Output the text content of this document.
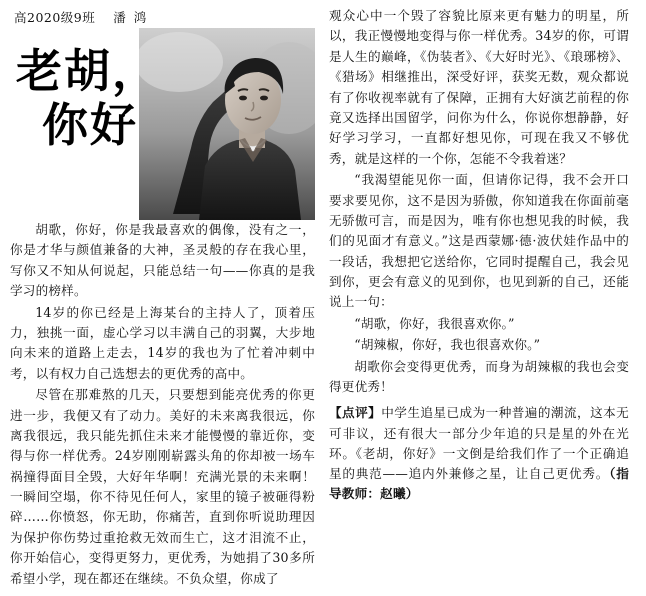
高2020级9班 潘 鸿
老胡，
你好

胡歌，你好，你是我最喜欢的偶像，没有之一，你是才华与颜值兼备的大神，圣灵般的存在我心里，写你又不知从何说起，只能总结一句——你真的是我学习的榜样。

14岁的你已经是上海某台的主持人了，顶着压力，独挑一面，虚心学习以丰满自己的羽翼，大步地向未来的道路上走去，14岁的我也为了忙着冲刺中考，以有权力自己选想去的更优秀的高中。

尽管在那难熬的几天，只要想到能亮优秀的你更进一步，我便又有了动力。美好的未来离我很远，你离我很远，我只能先抓住未来才能慢慢的靠近你，变得与你一样优秀。24岁刚刚崭露头角的你却被一场车祸撞得面目全毁，大好年华啊！充满光景的未来啊！一瞬间空塌，你不待见任何人，家里的镜子被砸得粉碎……你愤怒，你无助，你痛苦，直到你听说助理因为保护你伤势过重抢救无效而生亡，这才泪流不止，你开始信心，变得更努力，更优秀，为她捐了30多所希望小学，现在都还在继续。不负众望，你成了

观众心中一个毁了容貌比原来更有魅力的明星，所以，我正慢慢地变得与你一样优秀。34岁的你，可谓是人生的巅峰，《伪装者》、《大好时光》、《琅琊榜》、《猎场》相继推出，深受好评，获奖无数，观众都说有了你收视率就有了保障，正拥有大好演艺前程的你竟又选择出国留学，问你为什么，你说你想静静，好好学习学习，一直都好想见你，可现在我又不够优秀，就是这样的一个你，怎能不令我着迷？

“我渴望能见你一面，但请你记得，我不会开口要求要见你，这不是因为骄傲，你知道我在你面前毫无骄傲可言，而是因为，唯有你也想见我的时候，我们的见面才有意义。”这是西蒙娜·德·波伏娃作品中的一段话，我想把它送给你，它同时提醒自己，我会见到你，更会有意义的见到你，也见到新的自己，还能说上一句：

“胡歌，你好，我很喜欢你。”

“胡辣椒，你好，我也很喜欢你。”

胡歌你会变得更优秀，而身为胡辣椒的我也会变得更优秀！

【点评】中学生追星已成为一种普遍的潮流，这本无可非议，还有很大一部分少年追的只是星的外在光环。《老胡，你好》一文倒是给我们作了一个正确追星的典范——追内外兼修之星，让自己更优秀。（指导教师：赵曦）
